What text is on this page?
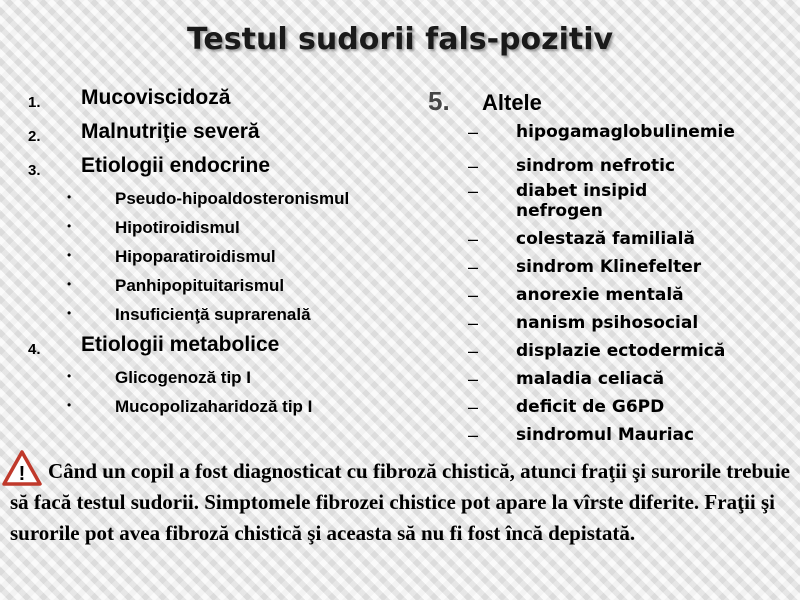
Testul sudorii fals-pozitiv
1. Mucoviscidoză
2. Malnutriţie severă
3. Etiologii endocrine
•	Pseudo-hipoaldosteronismul
•	Hipotiroidismul
•	Hipoparatiroidismul
•	Panhipopituitarismul
•	Insuficienţă suprarenală
4. Etiologii metabolice
•	Glicogenoză tip I
•	Mucopolizaharidoză tip I
5. Altele
– hipogamaglobulinemie
– sindrom nefrotic
– diabet insipid nefrogen
– colestază familială
– sindrom Klinefelter
– anorexie mentală
– nanism psihosocial
– displazie ectodermică
– maladia celiacă
– deficit de G6PD
– sindromul Mauriac
!	Când un copil a fost diagnosticat cu fibroză chistică, atunci fraţii şi surorile trebuie să facă testul sudorii. Simptomele fibrozei chistice pot apare la vîrste diferite. Fraţii şi surorile pot avea fibroză chistică şi aceasta să nu fi fost încă depistată.
